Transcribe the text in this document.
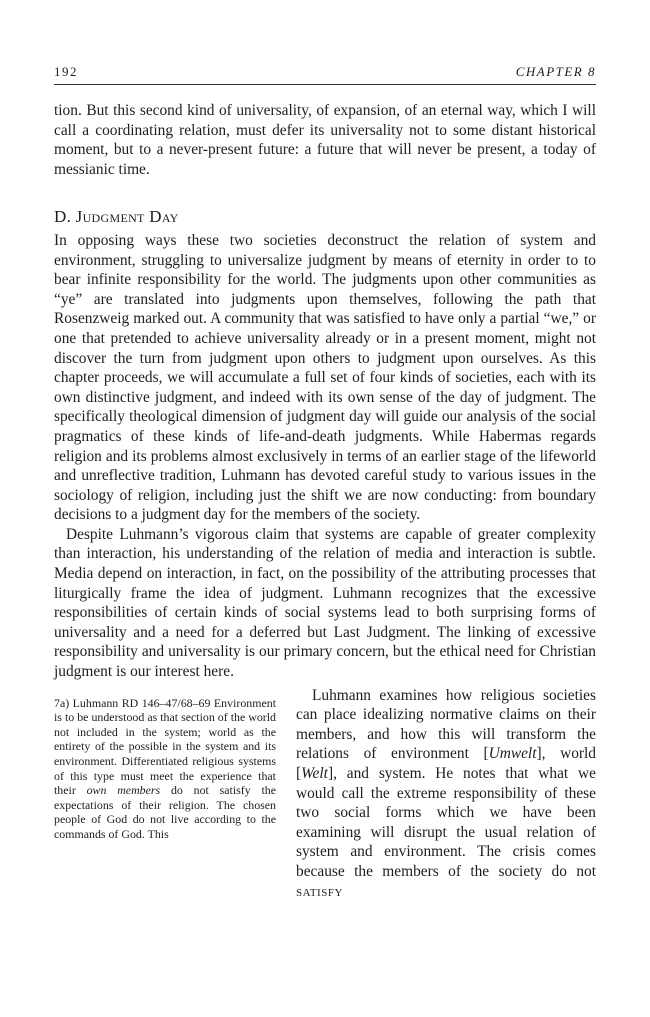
192	CHAPTER 8

tion. But this second kind of universality, of expansion, of an eternal way, which I will call a coordinating relation, must defer its universality not to some distant historical moment, but to a never-present future: a future that will never be present, a today of messianic time.

D. Judgment Day

In opposing ways these two societies deconstruct the relation of system and environment, struggling to universalize judgment by means of eternity in order to to bear infinite responsibility for the world. The judgments upon other communities as “ye” are translated into judgments upon themselves, following the path that Rosenzweig marked out. A community that was satisfied to have only a partial “we,” or one that pretended to achieve universality already or in a present moment, might not discover the turn from judgment upon others to judgment upon ourselves. As this chapter proceeds, we will accumulate a full set of four kinds of societies, each with its own distinctive judgment, and indeed with its own sense of the day of judgment. The specifically theological dimension of judgment day will guide our analysis of the social pragmatics of these kinds of life-and-death judgments. While Habermas regards religion and its problems almost exclusively in terms of an earlier stage of the lifeworld and unreflective tradition, Luhmann has devoted careful study to various issues in the sociology of religion, including just the shift we are now conducting: from boundary decisions to a judgment day for the members of the society.

Despite Luhmann’s vigorous claim that systems are capable of greater complexity than interaction, his understanding of the relation of media and interaction is subtle. Media depend on interaction, in fact, on the possibility of the attributing processes that liturgically frame the idea of judgment. Luhmann recognizes that the excessive responsibilities of certain kinds of social systems lead to both surprising forms of universality and a need for a deferred but Last Judgment. The linking of excessive responsibility and universality is our primary concern, but the ethical need for Christian judgment is our interest here.

7a) Luhmann RD 146–47/68–69 Environment is to be understood as that section of the world not included in the system; world as the entirety of the possible in the system and its environment. Differentiated religious systems of this type must meet the experience that their own members do not satisfy the expectations of their religion. The chosen people of God do not live according to the commands of God. This

Luhmann examines how religious societies can place idealizing normative claims on their members, and how this will transform the relations of environment [Umwelt], world [Welt], and system. He notes that what we would call the extreme responsibility of these two social forms which we have been examining will disrupt the usual relation of system and environment. The crisis comes because the members of the society do not satisfy
